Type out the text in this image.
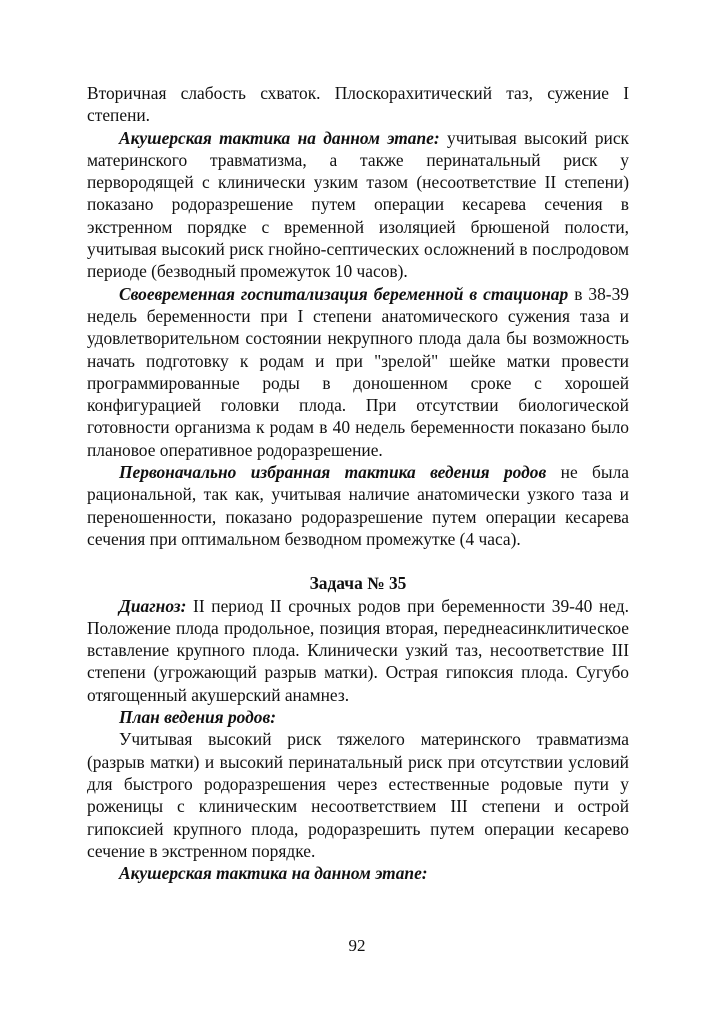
Вторичная слабость схваток. Плоскорахитический таз, сужение I степени.

Акушерская тактика на данном этапе: учитывая высокий риск материнского травматизма, а также перинатальный риск у первородящей с клинически узким тазом (несоответствие II степени) показано родоразрешение путем операции кесарева сечения в экстренном порядке с временной изоляцией брюшеной полости, учитывая высокий риск гнойно-септических осложнений в послродовом периоде (безводный промежуток 10 часов).

Своевременная госпитализация беременной в стационар в 38-39 недель беременности при I степени анатомического сужения таза и удовлетворительном состоянии некрупного плода дала бы возможность начать подготовку к родам и при "зрелой" шейке матки провести программированные роды в доношенном сроке с хорошей конфигурацией головки плода. При отсутствии биологической готовности организма к родам в 40 недель беременности показано было плановое оперативное родоразрешение.

Первоначально избранная тактика ведения родов не была рациональной, так как, учитывая наличие анатомически узкого таза и переношенности, показано родоразрешение путем операции кесарева сечения при оптимальном безводном промежутке (4 часа).

Задача № 35

Диагноз: II период II срочных родов при беременности 39-40 нед. Положение плода продольное, позиция вторая, переднеасинклитическое вставление крупного плода. Клинически узкий таз, несоответствие III степени (угрожающий разрыв матки). Острая гипоксия плода. Сугубо отягощенный акушерский анамнез.

План ведения родов:

Учитывая высокий риск тяжелого материнского травматизма (разрыв матки) и высокий перинатальный риск при отсутствии условий для быстрого родоразрешения через естественные родовые пути у роженицы с клиническим несоответствием III степени и острой гипоксией крупного плода, родоразрешить путем операции кесарево сечение в экстренном порядке.

Акушерская тактика на данном этапе:

92
